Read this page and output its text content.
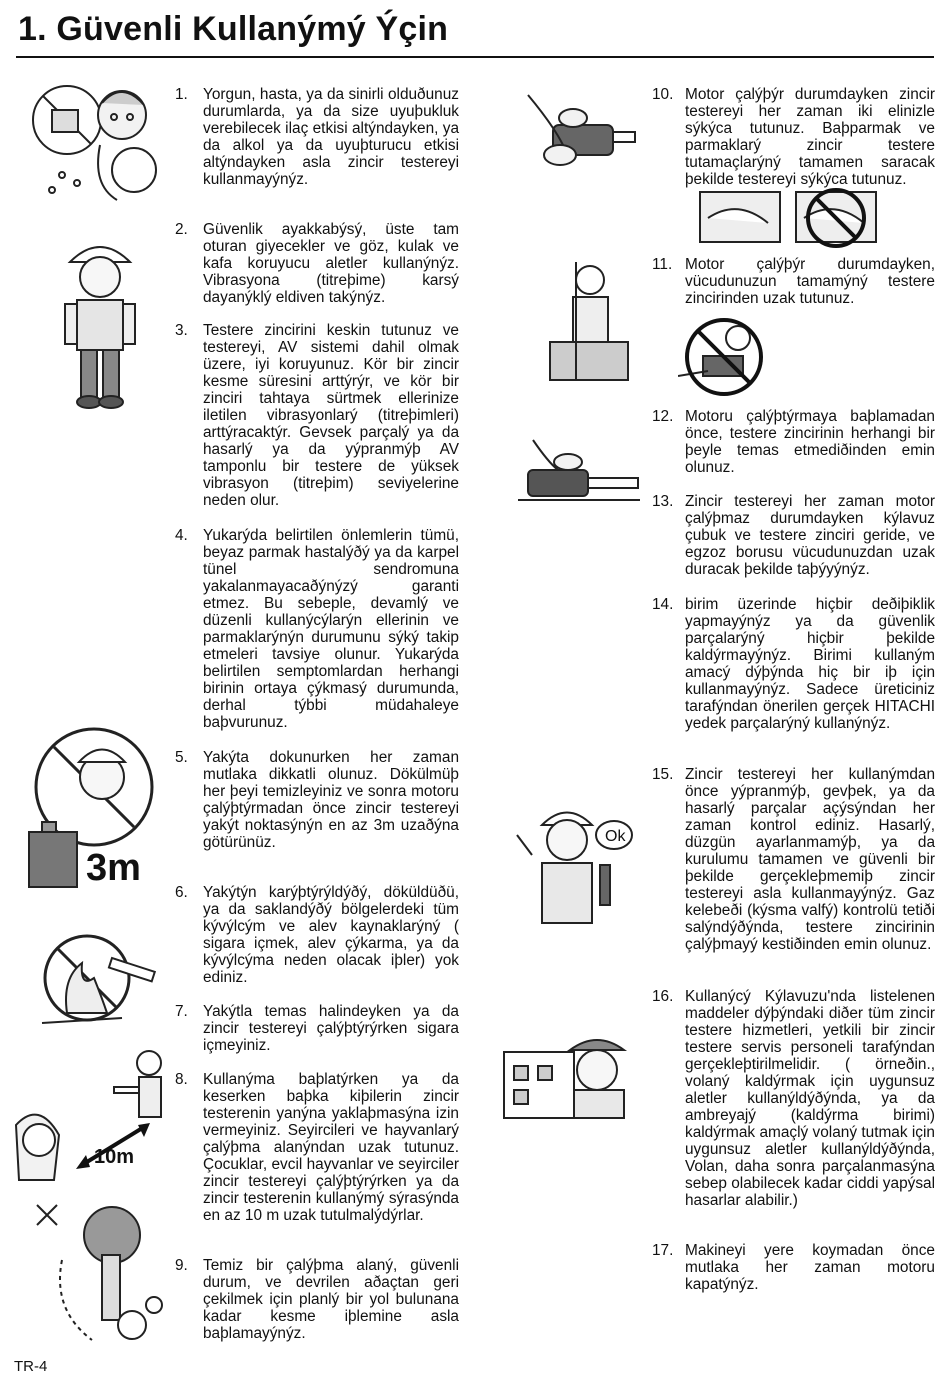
1. Güvenli Kullanýmý Ýçin
1. Yorgun, hasta, ya da sinirli olduðunuz durumlarda, ya da size uyuþukluk verebilecek ilaç etkisi altýndayken, ya da alkol ya da uyuþturucu etkisi altýndayken asla zincir testereyi kullanmayýnýz.
2. Güvenlik ayakkabýsý, üste tam oturan giyecekler ve göz, kulak ve kafa koruyucu aletler kullanýnýz. Vibrasyona (titreþime) karsý dayanýklý eldiven takýnýz.
3. Testere zincirini keskin tutunuz ve testereyi, AV sistemi dahil olmak üzere, iyi koruyunuz. Kör bir zincir kesme süresini arttýrýr, ve kör bir zinciri tahtaya sürtmek ellerinize iletilen vibrasyonlarý (titreþimleri) arttýracaktýr. Gevsek parçalý ya da hasarlý ya da yýpranmýþ AV tamponlu bir testere de yüksek vibrasyon (titreþim) seviyelerine neden olur.
4. Yukarýda belirtilen önlemlerin tümü, beyaz parmak hastalýðý ya da karpel tünel sendromuna yakalanmayacaðýnýzý garanti etmez. Bu sebeple, devamlý ve düzenli kullanýcýlarýn ellerinin ve parmaklarýnýn durumunu sýký takip etmeleri tavsiye olunur. Yukarýda belirtilen semptomlardan herhangi birinin ortaya çýkmasý durumunda, derhal týbbi müdahaleye baþvurunuz.
5. Yakýta dokunurken her zaman mutlaka dikkatli olunuz. Dökülmüþ her þeyi temizleyiniz ve sonra motoru çalýþtýrmadan önce zincir testereyi yakýt noktasýnýn en az 3m uzaðýna götürünüz.
6. Yakýtýn karýþtýrýldýðý, döküldüðü, ya da saklandýðý bölgelerdeki tüm kývýlcým ve alev kaynaklarýný ( sigara içmek, alev çýkarma, ya da kývýlcýma neden olacak iþler) yok ediniz.
7. Yakýtla temas halindeyken ya da zincir testereyi çalýþtýrýrken sigara içmeyiniz.
8. Kullanýma baþlatýrken ya da keserken baþka kiþilerin zincir testerenin yanýna yaklaþmasýna izin vermeyiniz. Seyircileri ve hayvanlarý çalýþma alanýndan uzak tutunuz. Çocuklar, evcil hayvanlar ve seyirciler zincir testereyi çalýþtýrýrken ya da zincir testerenin kullanýmý sýrasýnda en az 10 m uzak tutulmalýdýrlar.
9. Temiz bir çalýþma alaný, güvenli durum, ve devrilen aðaçtan geri çekilmek için planlý bir yol bulunana kadar kesme iþlemine asla baþlamayýnýz.
10. Motor çalýþýr durumdayken zincir testereyi her zaman iki elinizle sýkýca tutunuz. Baþparmak ve parmaklarý zincir testere tutamaçlarýný tamamen saracak þekilde testereyi sýkýca tutunuz.
11. Motor çalýþýr durumdayken, vücudunuzun tamamýný testere zincirinden uzak tutunuz.
12. Motoru çalýþtýrmaya baþlamadan önce, testere zincirinin herhangi bir þeyle temas etmediðinden emin olunuz.
13. Zincir testereyi her zaman motor çalýþmaz durumdayken kýlavuz çubuk ve testere zinciri geride, ve egzoz borusu vücudunuzdan uzak duracak þekilde taþýyýnýz.
14. birim üzerinde hiçbir deðiþiklik yapmayýnýz ya da güvenlik parçalarýný hiçbir þekilde kaldýrmayýnýz. Birimi kullaným amacý dýþýnda hiç bir iþ için kullanmayýnýz. Sadece üreticiniz tarafýndan önerilen gerçek HITACHI yedek parçalarýný kullanýnýz.
15. Zincir testereyi her kullanýmdan önce yýpranmýþ, gevþek, ya da hasarlý parçalar açýsýndan her zaman kontrol ediniz. Hasarlý, düzgün ayarlanmamýþ, ya da kurulumu tamamen ve güvenli bir þekilde gerçekleþmemiþ zincir testereyi asla kullanmayýnýz. Gaz kelebeði (kýsma valfý) kontrolü tetiði salýndýðýnda, testere zincirinin çalýþmayý kestiðinden emin olunuz.
16. Kullanýcý Kýlavuzu'nda listelenen maddeler dýþýndaki diðer tüm zincir testere hizmetleri, yetkili bir zincir testere servis personeli tarafýndan gerçekleþtirilmelidir. ( örneðin., volaný kaldýrmak için uygunsuz aletler kullanýldýðýnda, ya da ambreyajý (kaldýrma birimi) kaldýrmak amaçlý volaný tutmak için uygunsuz aletler kullanýldýðýnda, Volan, daha sonra parçalanmasýna sebep olabilecek kadar ciddi yapýsal hasarlar alabilir.)
17. Makineyi yere koymadan önce mutlaka her zaman motoru kapatýnýz.
3m
10m
Ok
TR-4
